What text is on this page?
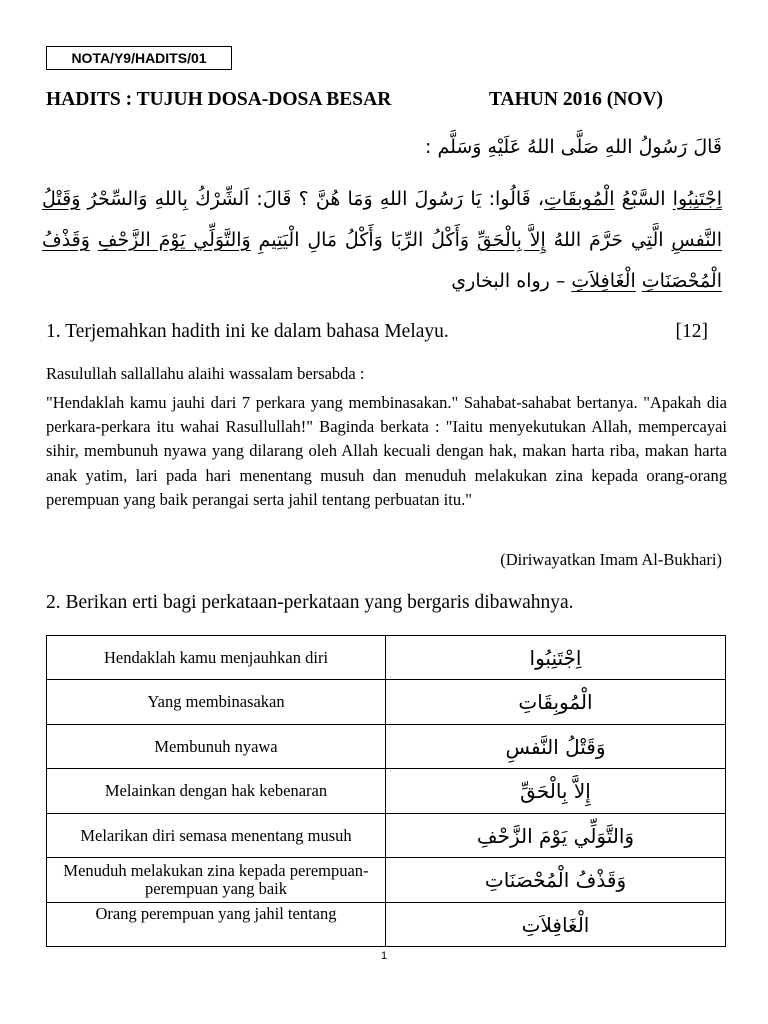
NOTA/Y9/HADITS/01
HADITS : TUJUH DOSA-DOSA BESAR	TAHUN 2016 (NOV)
قَالَ رَسُولُ اللهِ صَلَّى اللهُ عَلَيْهِ وَسَلَّم :
اِجْتَنِبُوا السَّبْعُ الْمُوبقَاتِ، قَالُوا: يَا رَسُولَ اللهِ وَمَا هُنَّ ؟ قَالَ: اَلشِّرْكُ بِاللهِ وَالسِّحْرُ وَقَتْلُ
النَّفسِ الَّتِي حَرَّمَ اللهُ إِلاَّ بِالْحَقِّ وَأَكْلُ الرِّبَا وَأَكْلُ مَالِ الْيَتِيمِ وَالتَّوَلِّي يَوْمَ الزَّحْفِ وَقَذْفُ
الْمُحْصَنَاتِ الْغَافِلاَتِ – رواه البخاري
1. Terjemahkan hadith ini ke dalam bahasa Melayu.	[12]
Rasulullah sallallahu alaihi wassalam bersabda :
"Hendaklah kamu jauhi dari 7 perkara yang membinasakan." Sahabat-sahabat bertanya. "Apakah dia perkara-perkara itu wahai Rasullullah!" Baginda berkata : "Iaitu menyekutukan Allah, mempercayai sihir, membunuh nyawa yang dilarang oleh Allah kecuali dengan hak, makan harta riba, makan harta anak yatim, lari pada hari menentang musuh dan menuduh melakukan zina kepada orang-orang perempuan yang baik perangai serta jahil tentang perbuatan itu."
(Diriwayatkan Imam Al-Bukhari)
2. Berikan erti bagi perkataan-perkataan yang bergaris dibawahnya.
Hendaklah kamu menjauhkan diri	اِجْتَنِبُوا
Yang membinasakan	الْمُوبِقَاتِ
Membunuh nyawa	وَقَتْلُ النَّفسِ
Melainkan dengan hak kebenaran	إِلاَّ بِالْحَقِّ
Melarikan diri semasa menentang musuh	وَالتَّوَلِّي يَوْمَ الزَّحْفِ
Menuduh melakukan zina kepada perempuan-perempuan yang baik	وَقَذْفُ الْمُحْصَنَاتِ
Orang perempuan yang jahil tentang	الْغَافِلاَتِ
1
